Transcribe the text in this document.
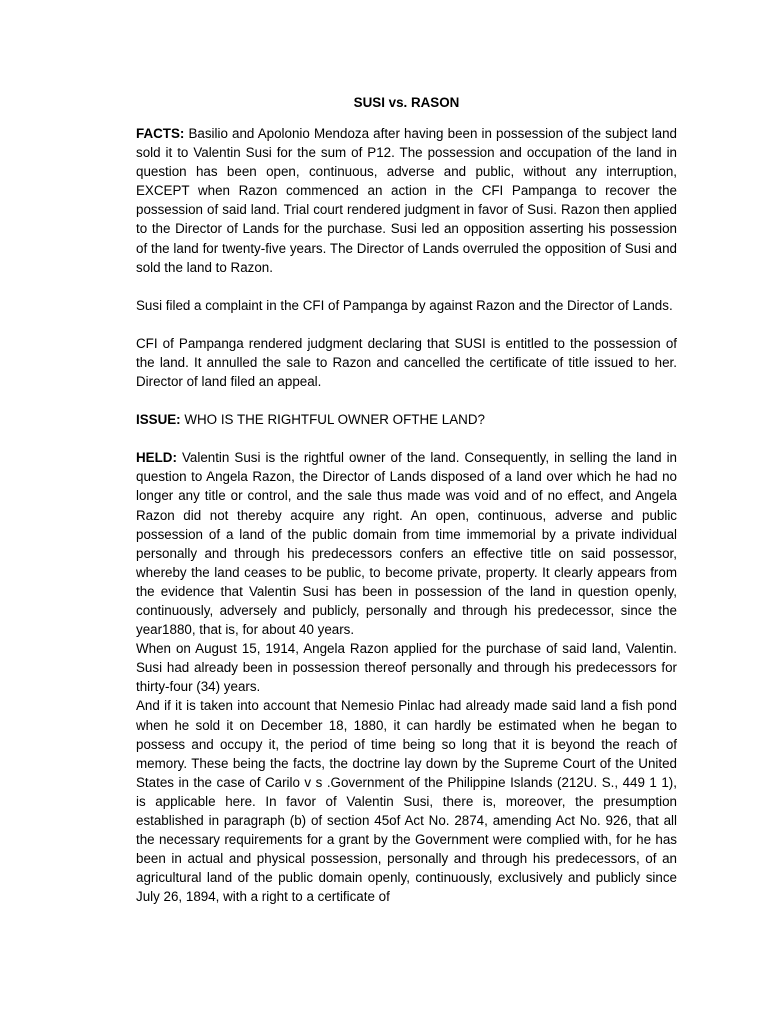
SUSI vs. RASON

FACTS: Basilio and Apolonio Mendoza after having been in possession of the subject land sold it to Valentin Susi for the sum of P12. The possession and occupation of the land in question has been open, continuous, adverse and public, without any interruption, EXCEPT when Razon commenced an action in the CFI Pampanga to recover the possession of said land. Trial court rendered judgment in favor of Susi. Razon then applied to the Director of Lands for the purchase. Susi led an opposition asserting his possession of the land for twenty-five years. The Director of Lands overruled the opposition of Susi and sold the land to Razon.

Susi filed a complaint in the CFI of Pampanga by against Razon and the Director of Lands.

CFI of Pampanga rendered judgment declaring that SUSI is entitled to the possession of the land. It annulled the sale to Razon and cancelled the certificate of title issued to her. Director of land filed an appeal.

ISSUE: WHO IS THE RIGHTFUL OWNER OFTHE LAND?

HELD: Valentin Susi is the rightful owner of the land. Consequently, in selling the land in question to Angela Razon, the Director of Lands disposed of a land over which he had no longer any title or control, and the sale thus made was void and of no effect, and Angela Razon did not thereby acquire any right. An open, continuous, adverse and public possession of a land of the public domain from time immemorial by a private individual personally and through his predecessors confers an effective title on said possessor, whereby the land ceases to be public, to become private, property. It clearly appears from the evidence that Valentin Susi has been in possession of the land in question openly, continuously, adversely and publicly, personally and through his predecessor, since the year1880, that is, for about 40 years.

When on August 15, 1914, Angela Razon applied for the purchase of said land, Valentin. Susi had already been in possession thereof personally and through his predecessors for thirty-four (34) years.

And if it is taken into account that Nemesio Pinlac had already made said land a fish pond when he sold it on December 18, 1880, it can hardly be estimated when he began to possess and occupy it, the period of time being so long that it is beyond the reach of memory. These being the facts, the doctrine lay down by the Supreme Court of the United States in the case of Carilo v s .Government of the Philippine Islands (212U. S., 449 1 1), is applicable here. In favor of Valentin Susi, there is, moreover, the presumption established in paragraph (b) of section 45of Act No. 2874, amending Act No. 926, that all the necessary requirements for a grant by the Government were complied with, for he has been in actual and physical possession, personally and through his predecessors, of an agricultural land of the public domain openly, continuously, exclusively and publicly since July 26, 1894, with a right to a certificate of
